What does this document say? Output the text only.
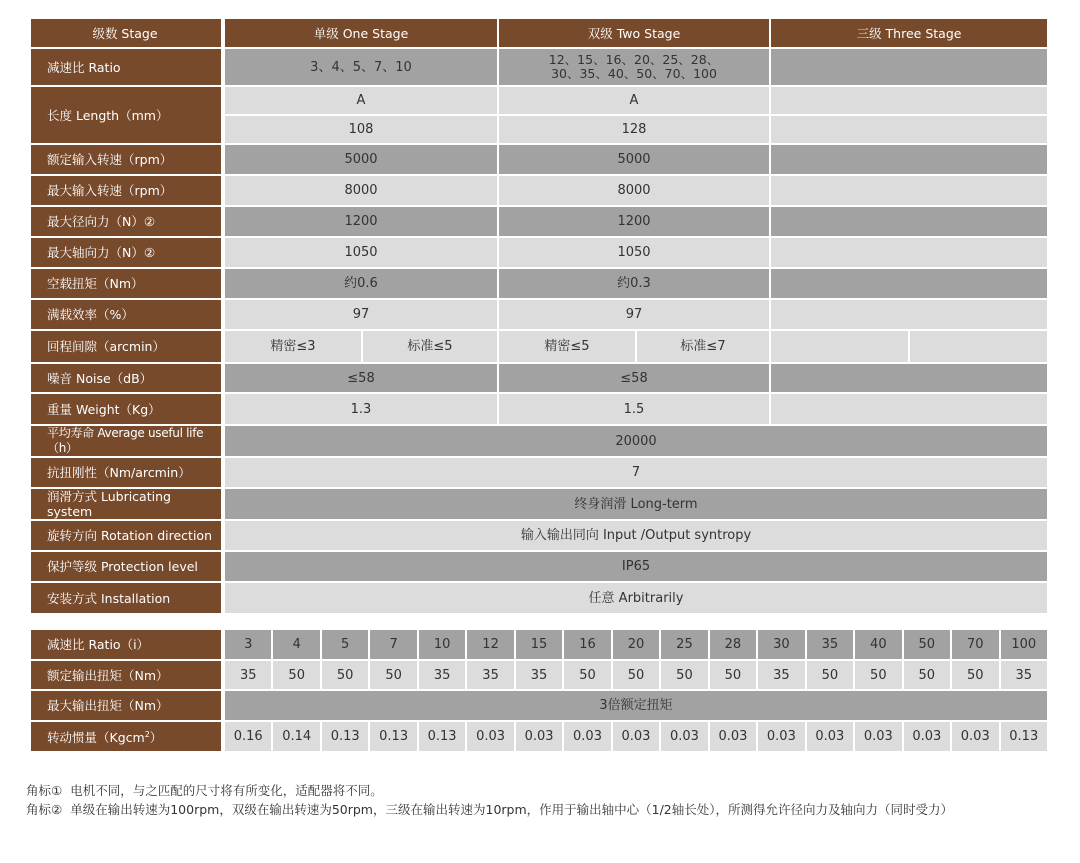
级数 Stage	单级 One Stage		双级 Two Stage		三级 Three Stage	
减速比 Ratio	3、4、5、7、10		12、15、16、20、25、28、
30、35、40、50、70、100			

长度 Length（mm）	A		A			
	108		128			
额定输入转速（rpm）	5000		5000			
最大输入转速（rpm）	8000		8000			
最大径向力（N）②	1200		1200			
最大轴向力（N）②	1050		1050			
空载扭矩（Nm）	约0.6		约0.3			
满载效率（%）	97		97			
回程间隙（arcmin）	精密≤3	标准≤5	精密≤5	标准≤7		
噪音 Noise（dB）	≤58		≤58			
重量 Weight（Kg）	1.3		1.5			
平均寿命 Average useful life（h）	20000					
抗扭刚性（Nm/arcmin）	7					
润滑方式 Lubricating system	终身润滑 Long-term					
旋转方向 Rotation direction	输入输出同向 Input /Output syntropy					
保护等级 Protection level	IP65					
安装方式 Installation	任意 Arbitrarily					
减速比 Ratio（i）	3	4	5	7	10	12	15	16	20	25	28	30	35	40	50	70	100
额定输出扭矩（Nm）	35	50	50	50	35	35	35	50	50	50	50	35	50	50	50	50	35
最大输出扭矩（Nm）	3倍额定扭矩																
转动惯量（Kgcm$^2$）	0.16	0.14	0.13	0.13	0.13	0.03	0.03	0.03	0.03	0.03	0.03	0.03	0.03	0.03	0.03	0.03	0.13
角标① 电机不同，与之匹配的尺寸将有所变化，适配器将不同。
角标② 单级在输出转速为100rpm，双级在输出转速为50rpm，三级在输出转速为10rpm，作用于输出轴中心（1/2轴长处），所测得允许径向力及轴向力（同时受力）
